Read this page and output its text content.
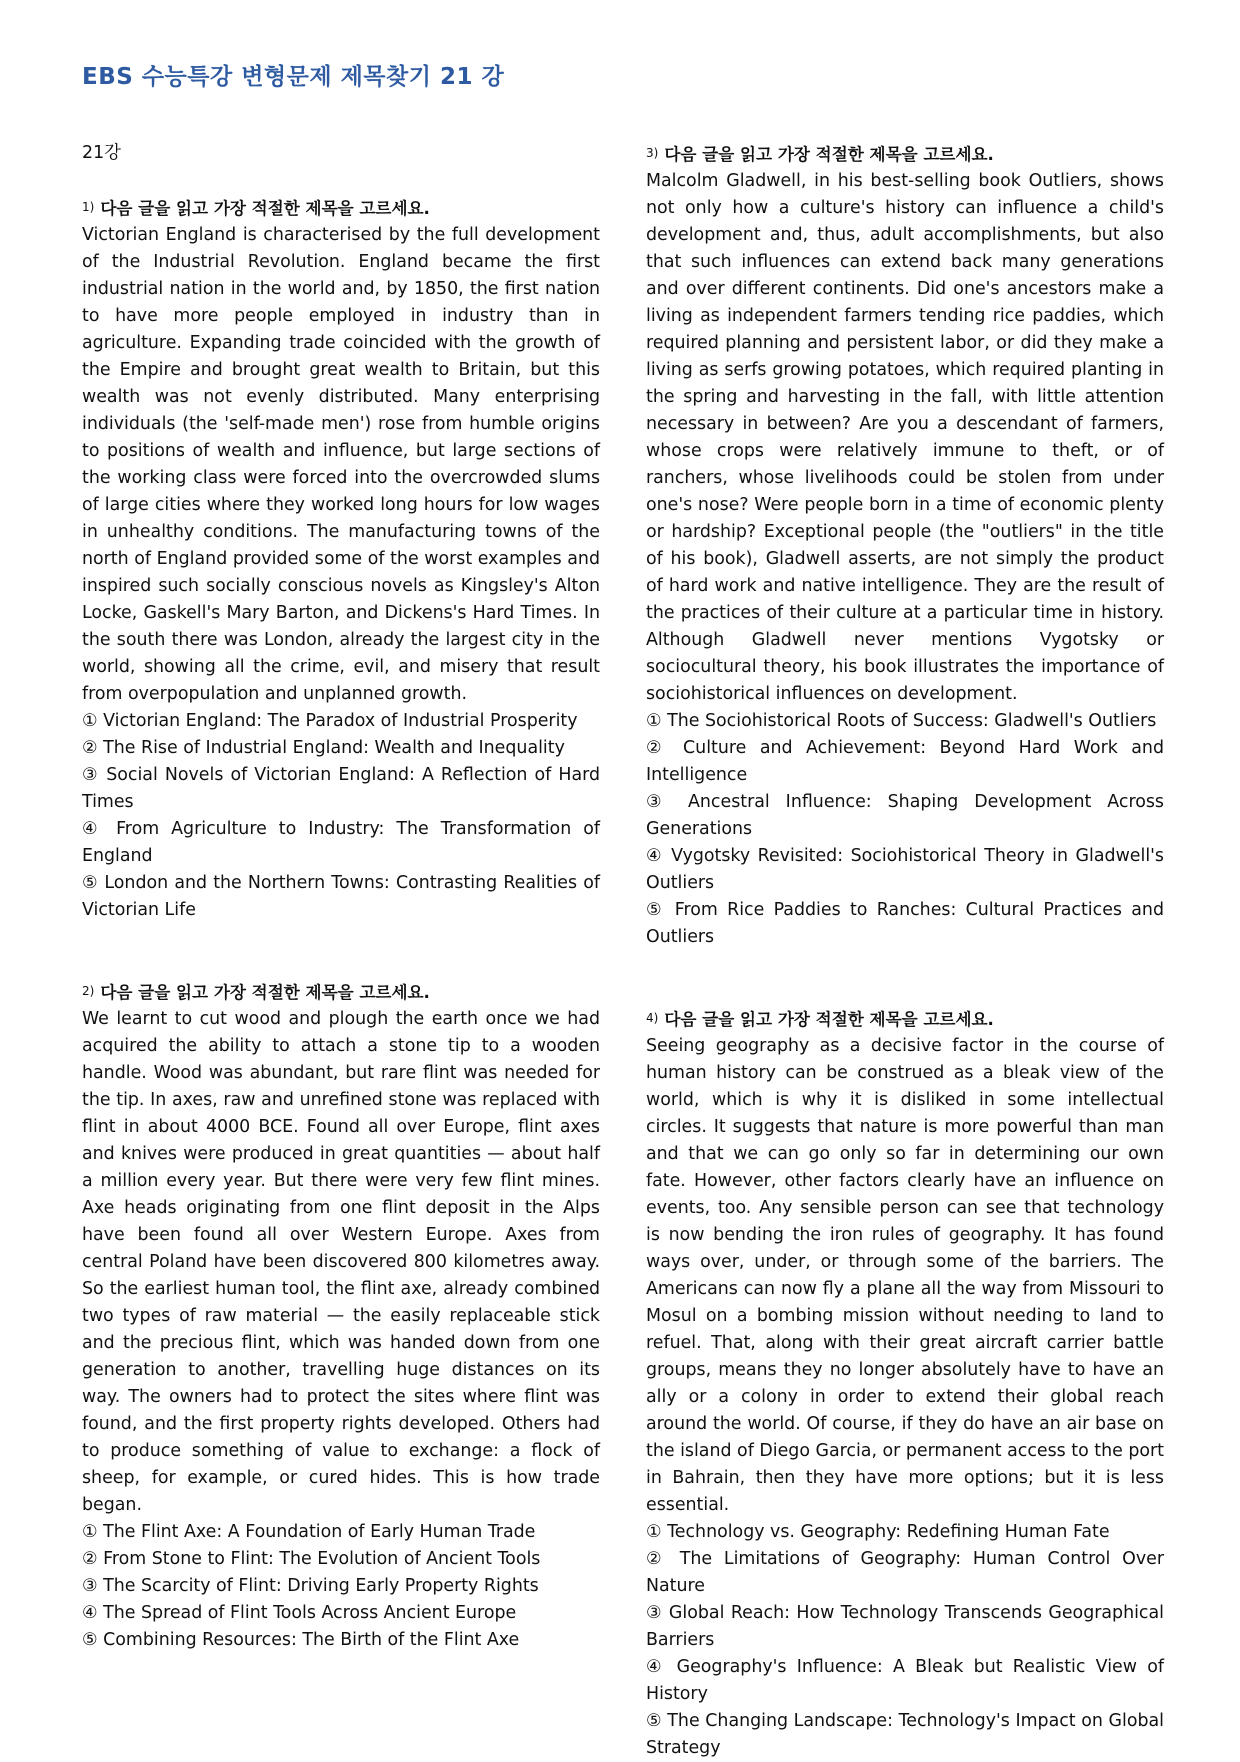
EBS 수능특강 변형문제 제목찾기 21 강
21강

1) 다음 글을 읽고 가장 적절한 제목을 고르세요.

Victorian England is characterised by the full development of the Industrial Revolution. England became the first industrial nation in the world and, by 1850, the first nation to have more people employed in industry than in agriculture. Expanding trade coincided with the growth of the Empire and brought great wealth to Britain, but this wealth was not evenly distributed. Many enterprising individuals (the 'self-made men') rose from humble origins to positions of wealth and influence, but large sections of the working class were forced into the overcrowded slums of large cities where they worked long hours for low wages in unhealthy conditions. The manufacturing towns of the north of England provided some of the worst examples and inspired such socially conscious novels as Kingsley's Alton Locke, Gaskell's Mary Barton, and Dickens's Hard Times. In the south there was London, already the largest city in the world, showing all the crime, evil, and misery that result from overpopulation and unplanned growth.

① Victorian England: The Paradox of Industrial Prosperity
② The Rise of Industrial England: Wealth and Inequality
③ Social Novels of Victorian England: A Reflection of Hard Times
④ From Agriculture to Industry: The Transformation of England
⑤ London and the Northern Towns: Contrasting Realities of Victorian Life

2) 다음 글을 읽고 가장 적절한 제목을 고르세요.

We learnt to cut wood and plough the earth once we had acquired the ability to attach a stone tip to a wooden handle. Wood was abundant, but rare flint was needed for the tip. In axes, raw and unrefined stone was replaced with flint in about 4000 BCE. Found all over Europe, flint axes and knives were produced in great quantities — about half a million every year. But there were very few flint mines. Axe heads originating from one flint deposit in the Alps have been found all over Western Europe. Axes from central Poland have been discovered 800 kilometres away. So the earliest human tool, the flint axe, already combined two types of raw material — the easily replaceable stick and the precious flint, which was handed down from one generation to another, travelling huge distances on its way. The owners had to protect the sites where flint was found, and the first property rights developed. Others had to produce something of value to exchange: a flock of sheep, for example, or cured hides. This is how trade began.

① The Flint Axe: A Foundation of Early Human Trade
② From Stone to Flint: The Evolution of Ancient Tools
③ The Scarcity of Flint: Driving Early Property Rights
④ The Spread of Flint Tools Across Ancient Europe
⑤ Combining Resources: The Birth of the Flint Axe

3) 다음 글을 읽고 가장 적절한 제목을 고르세요.

Malcolm Gladwell, in his best-selling book Outliers, shows not only how a culture's history can influence a child's development and, thus, adult accomplishments, but also that such influences can extend back many generations and over different continents. Did one's ancestors make a living as independent farmers tending rice paddies, which required planning and persistent labor, or did they make a living as serfs growing potatoes, which required planting in the spring and harvesting in the fall, with little attention necessary in between? Are you a descendant of farmers, whose crops were relatively immune to theft, or of ranchers, whose livelihoods could be stolen from under one's nose? Were people born in a time of economic plenty or hardship? Exceptional people (the "outliers" in the title of his book), Gladwell asserts, are not simply the product of hard work and native intelligence. They are the result of the practices of their culture at a particular time in history. Although Gladwell never mentions Vygotsky or sociocultural theory, his book illustrates the importance of sociohistorical influences on development.

① The Sociohistorical Roots of Success: Gladwell's Outliers
② Culture and Achievement: Beyond Hard Work and Intelligence
③ Ancestral Influence: Shaping Development Across Generations
④ Vygotsky Revisited: Sociohistorical Theory in Gladwell's Outliers
⑤ From Rice Paddies to Ranches: Cultural Practices and Outliers

4) 다음 글을 읽고 가장 적절한 제목을 고르세요.

Seeing geography as a decisive factor in the course of human history can be construed as a bleak view of the world, which is why it is disliked in some intellectual circles. It suggests that nature is more powerful than man and that we can go only so far in determining our own fate. However, other factors clearly have an influence on events, too. Any sensible person can see that technology is now bending the iron rules of geography. It has found ways over, under, or through some of the barriers. The Americans can now fly a plane all the way from Missouri to Mosul on a bombing mission without needing to land to refuel. That, along with their great aircraft carrier battle groups, means they no longer absolutely have to have an ally or a colony in order to extend their global reach around the world. Of course, if they do have an air base on the island of Diego Garcia, or permanent access to the port in Bahrain, then they have more options; but it is less essential.

① Technology vs. Geography: Redefining Human Fate
② The Limitations of Geography: Human Control Over Nature
③ Global Reach: How Technology Transcends Geographical Barriers
④ Geography's Influence: A Bleak but Realistic View of History
⑤ The Changing Landscape: Technology's Impact on Global Strategy
